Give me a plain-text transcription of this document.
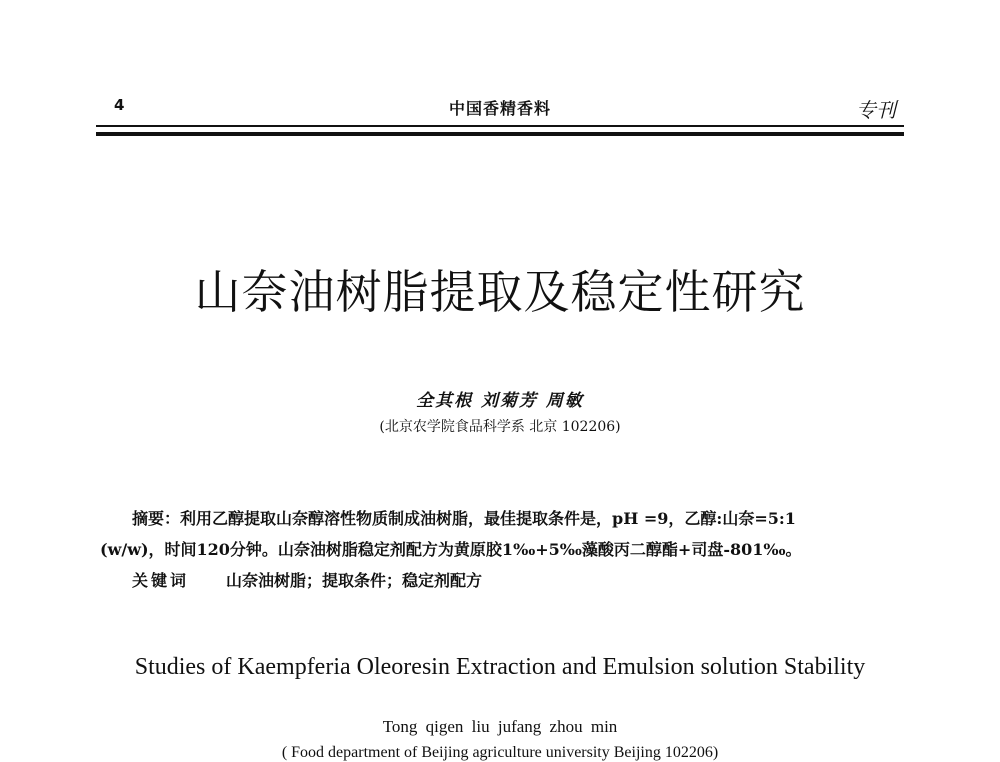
4	中国香精香料	专刊
山奈油树脂提取及稳定性研究
全其根 刘菊芳 周敏
(北京农学院食品科学系 北京 102206)
摘要：利用乙醇提取山奈醇溶性物质制成油树脂，最佳提取条件是，pH =9，乙醇:山奈=5:1
(w/w)，时间120分钟。山奈油树脂稳定剂配方为黄原胶1‰+5‰藻酸丙二醇酯+司盘-801‰。
关键词 山奈油树脂；提取条件；稳定剂配方
Studies of Kaempferia Oleoresin Extraction and Emulsion solution Stability
Tong qigen liu jufang zhou min
( Food department of Beijing agriculture university Beijing 102206)
